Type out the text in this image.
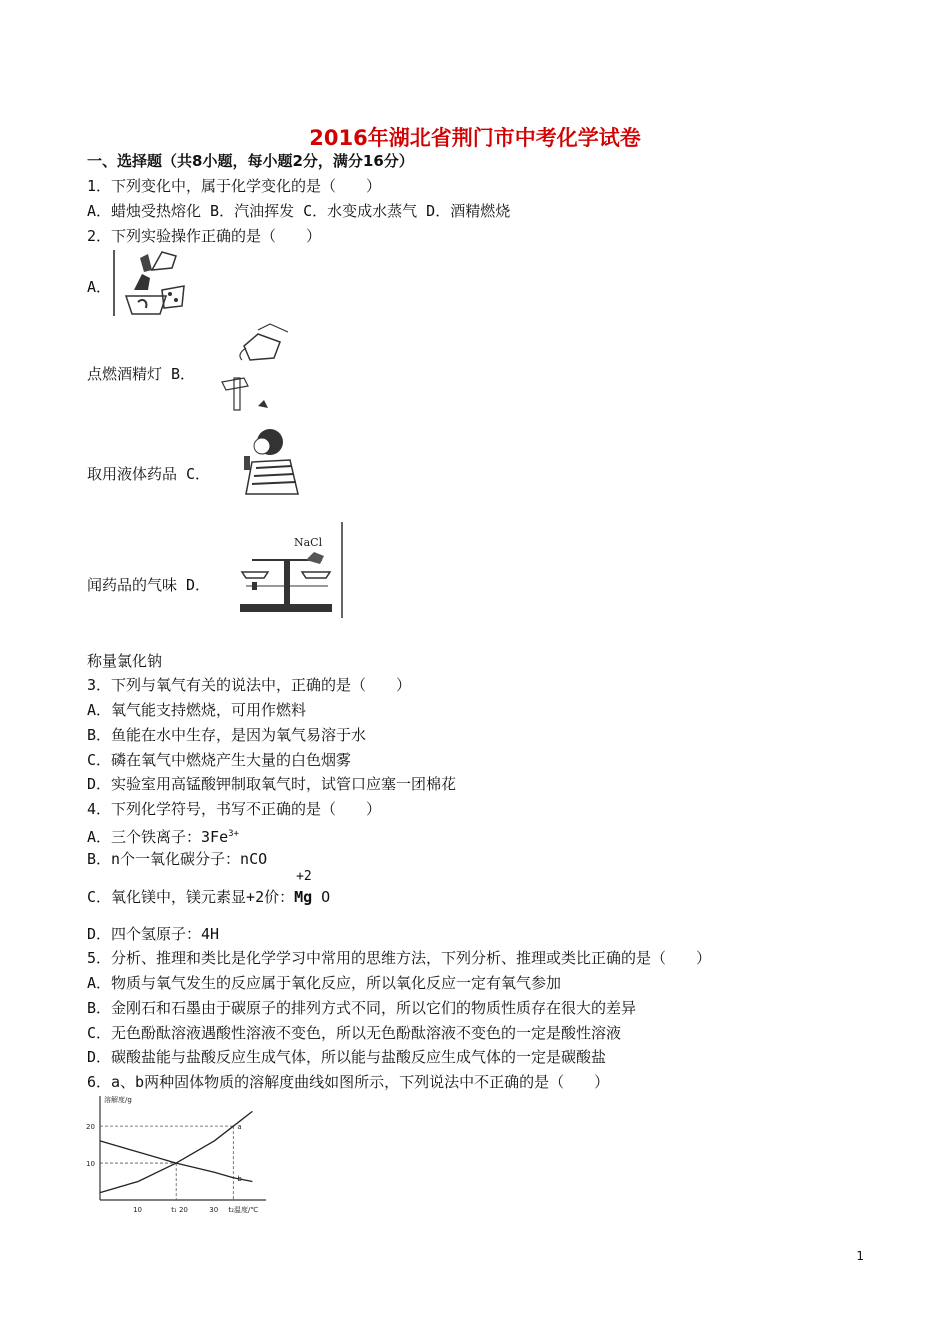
2016年湖北省荆门市中考化学试卷
一、选择题（共8小题，每小题2分，满分16分）
1．下列变化中，属于化学变化的是（　　）
A．蜡烛受热熔化 B．汽油挥发 C．水变成水蒸气 D．酒精燃烧
2．下列实验操作正确的是（　　）
A．
点燃酒精灯 B．
取用液体药品 C．
闻药品的气味 D．
NaCl
称量氯化钠
3．下列与氧气有关的说法中，正确的是（　　）
A．氧气能支持燃烧，可用作燃料
B．鱼能在水中生存，是因为氧气易溶于水
C．磷在氧气中燃烧产生大量的白色烟雾
D．实验室用高锰酸钾制取氧气时，试管口应塞一团棉花
4．下列化学符号，书写不正确的是（　　）
A．三个铁离子：$3Fe^{3+}$
B．n个一氧化碳分子：nCO
C．氧化镁中，镁元素显+2价：
+2
Mg O
D．四个氢原子：4H
5．分析、推理和类比是化学学习中常用的思维方法，下列分析、推理或类比正确的是（　　）
A．物质与氧气发生的反应属于氧化反应，所以氧化反应一定有氧气参加
B．金刚石和石墨由于碳原子的排列方式不同，所以它们的物质性质存在很大的差异
C．无色酚酞溶液遇酸性溶液不变色，所以无色酚酞溶液不变色的一定是酸性溶液
D．碳酸盐能与盐酸反应生成气体，所以能与盐酸反应生成气体的一定是碳酸盐
6．a、b两种固体物质的溶解度曲线如图所示，下列说法中不正确的是（　　）
溶解度/g
温度/℃
20
10
10	t₁ 20	30 t₂
a
b
1
